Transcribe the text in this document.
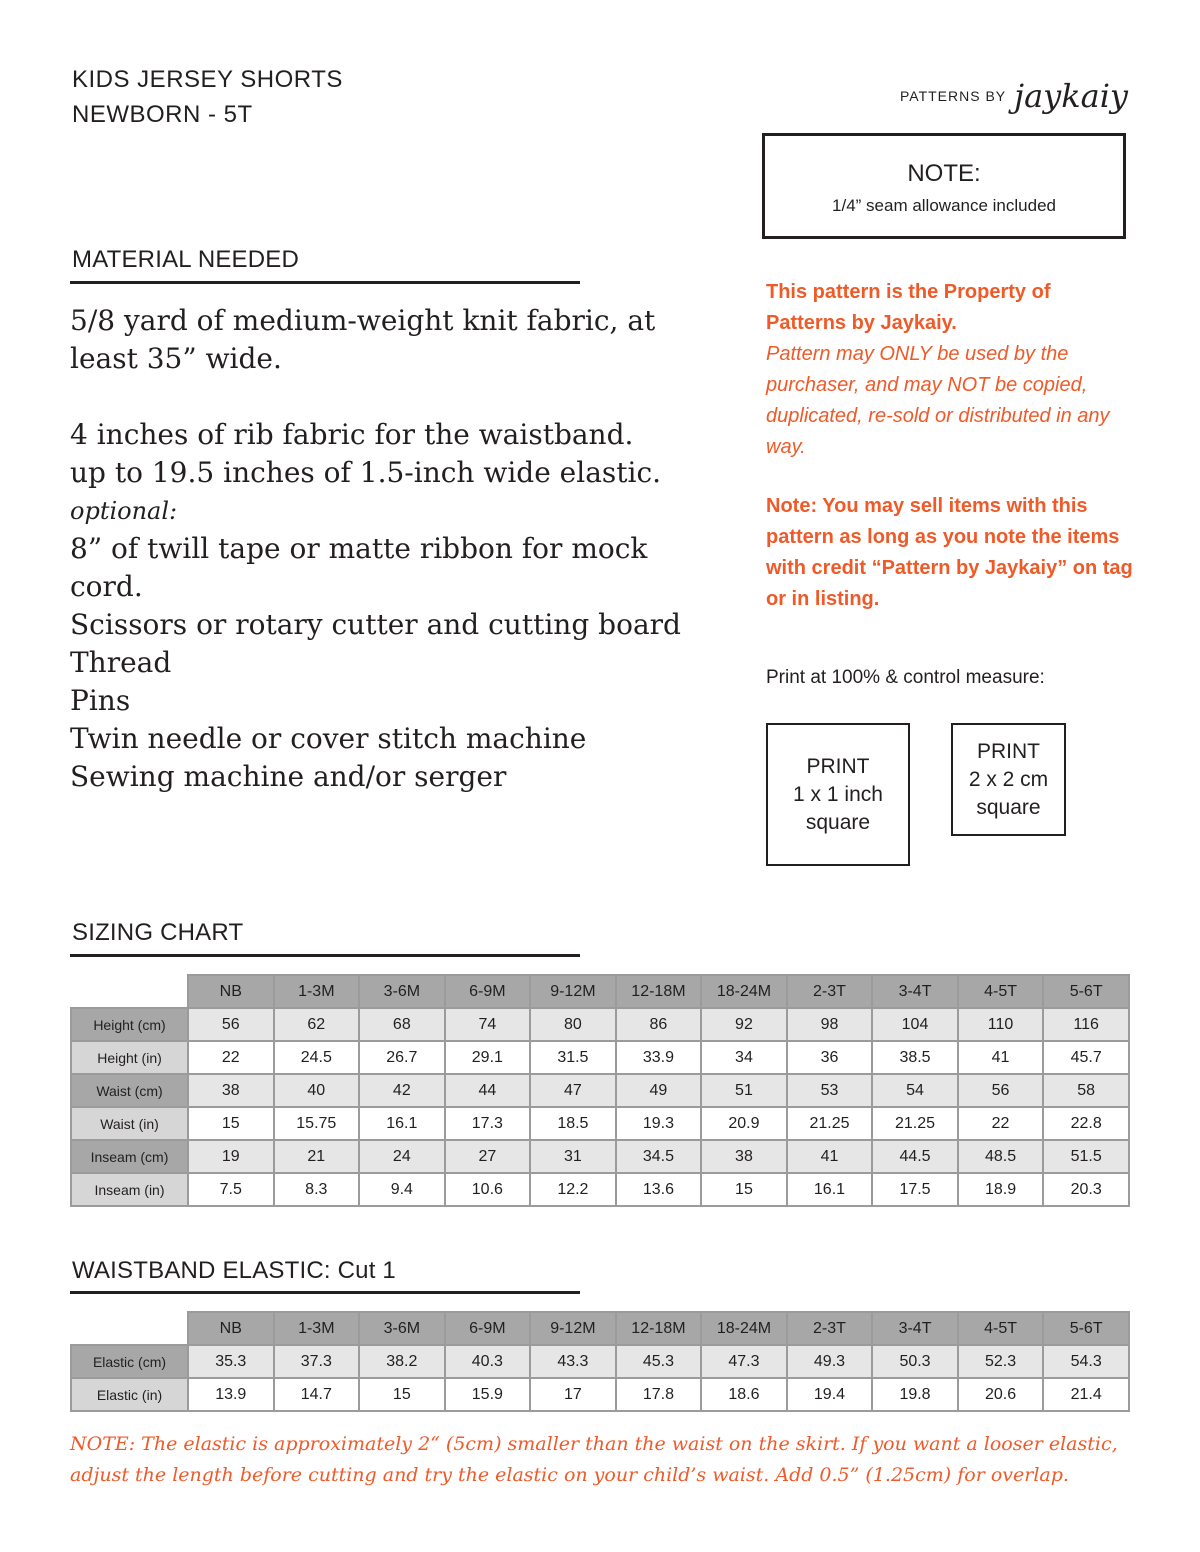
KIDS JERSEY SHORTS
NEWBORN - 5T
PATTERNS BY jaykaiy
NOTE:
1/4” seam allowance included
MATERIAL NEEDED
5/8 yard of medium-weight knit fabric, at
least 35” wide.
4 inches of rib fabric for the waistband.
up to 19.5 inches of 1.5-inch wide elastic.
optional:
8” of twill tape or matte ribbon for mock cord.
Scissors or rotary cutter and cutting board
Thread
Pins
Twin needle or cover stitch machine
Sewing machine and/or serger

This pattern is the Property of Patterns by Jaykaiy.

Pattern may ONLY be used by the purchaser, and may NOT be copied, duplicated, re-sold or distributed in any way.

Note: You may sell items with this pattern as long as you note the items with credit “Pattern by Jaykaiy” on tag or in listing.

Print at 100% & control measure:
PRINT
1 x 1 inch
square
PRINT
2 x 2 cm
square
SIZING CHART
	NB	1-3M	3-6M	6-9M	9-12M	12-18M	18-24M	2-3T	3-4T	4-5T	5-6T
Height (cm)	56	62	68	74	80	86	92	98	104	110	116
Height (in)	22	24.5	26.7	29.1	31.5	33.9	34	36	38.5	41	45.7
Waist (cm)	38	40	42	44	47	49	51	53	54	56	58
Waist (in)	15	15.75	16.1	17.3	18.5	19.3	20.9	21.25	21.25	22	22.8
Inseam (cm)	19	21	24	27	31	34.5	38	41	44.5	48.5	51.5
Inseam (in)	7.5	8.3	9.4	10.6	12.2	13.6	15	16.1	17.5	18.9	20.3
WAISTBAND ELASTIC: Cut 1
	NB	1-3M	3-6M	6-9M	9-12M	12-18M	18-24M	2-3T	3-4T	4-5T	5-6T
Elastic (cm)	35.3	37.3	38.2	40.3	43.3	45.3	47.3	49.3	50.3	52.3	54.3
Elastic (in)	13.9	14.7	15	15.9	17	17.8	18.6	19.4	19.8	20.6	21.4
NOTE: The elastic is approximately 2“ (5cm) smaller than the waist on the skirt. If you want a looser elastic, adjust the length before cutting and try the elastic on your child’s waist. Add 0.5” (1.25cm) for overlap.
